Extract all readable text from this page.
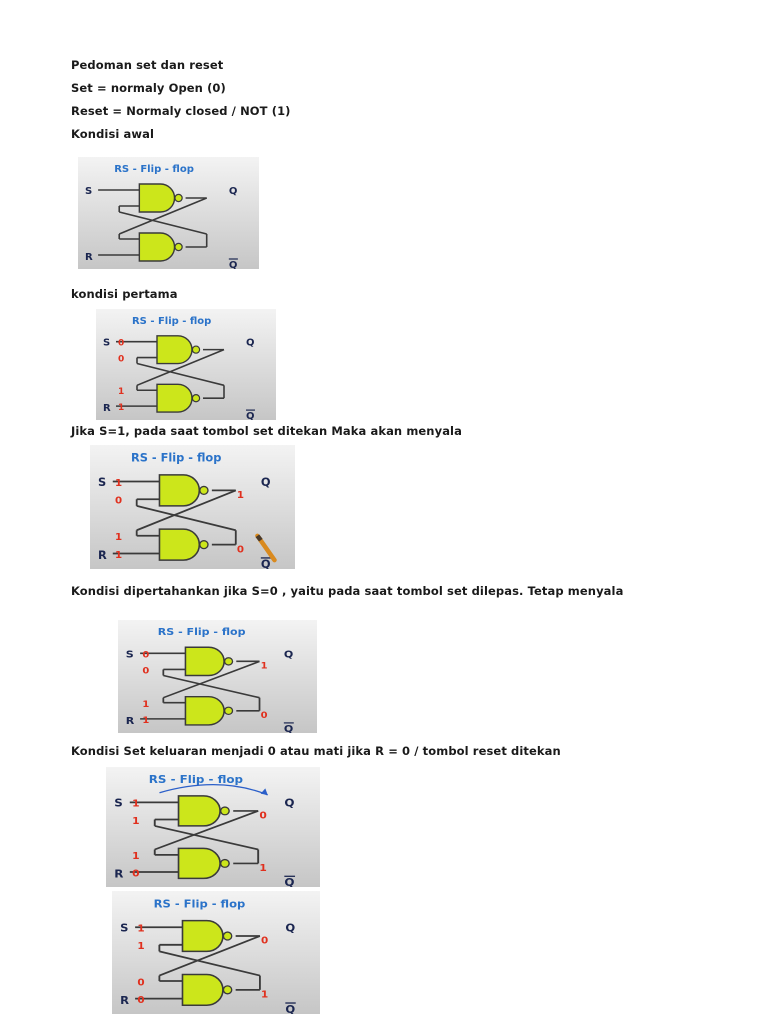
Pedoman set dan reset
Set = normaly Open (0)
Reset = Normaly closed / NOT (1)
Kondisi awal
RS - Flip - flop
S
R
Q
Q
kondisi pertama
RS - Flip - flop
S
R
Q
Q
0
0
1
1
Jika S=1, pada saat tombol set ditekan Maka akan menyala
RS - Flip - flop
S
R
Q
Q
1
0
1
1
1
0
Kondisi dipertahankan jika S=0 , yaitu pada saat tombol set dilepas. Tetap menyala
RS - Flip - flop
S
R
Q
Q
0
0
1
1
1
0
Kondisi Set keluaran menjadi 0 atau mati jika R = 0 / tombol reset ditekan
RS - Flip - flop
S
R
Q
Q
1
1
1
0
0
1
RS - Flip - flop
S
R
Q
Q
1
1
0
0
0
1
